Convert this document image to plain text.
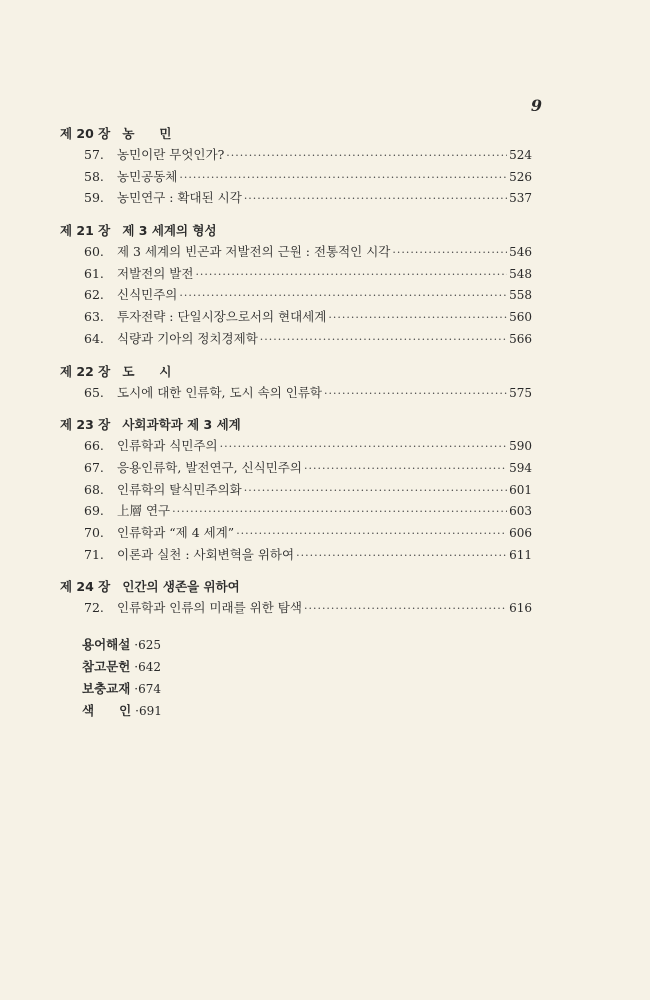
9
제 20 장 농　　민
57.	농민이란 무엇인가? ·····	524
58.	농민공동체 ·····	526
59.	농민연구 : 확대된 시각 ·····	537
제 21 장 제 3 세계의 형성
60.	제 3 세계의 빈곤과 저발전의 근원 : 전통적인 시각 ·····	546
61.	저발전의 발전 ·····	548
62.	신식민주의 ·····	558
63.	투자전략 : 단일시장으로서의 현대세계 ·····	560
64.	식량과 기아의 정치경제학 ·····	566
제 22 장 도　　시
65.	도시에 대한 인류학, 도시 속의 인류학 ·····	575
제 23 장 사회과학과 제 3 세계
66.	인류학과 식민주의 ·····	590
67.	응용인류학, 발전연구, 신식민주의 ·····	594
68.	인류학의 탈식민주의화 ·····	601
69.	上層 연구 ·····	603
70.	인류학과 “제 4 세계” ·····	606
71.	이론과 실천 : 사회변혁을 위하여 ·····	611
제 24 장 인간의 생존을 위하여
72.	인류학과 인류의 미래를 위한 탐색 ·····	616
용어해설 ·625
참고문헌 ·642
보충교재 ·674
색　　인 ·691
